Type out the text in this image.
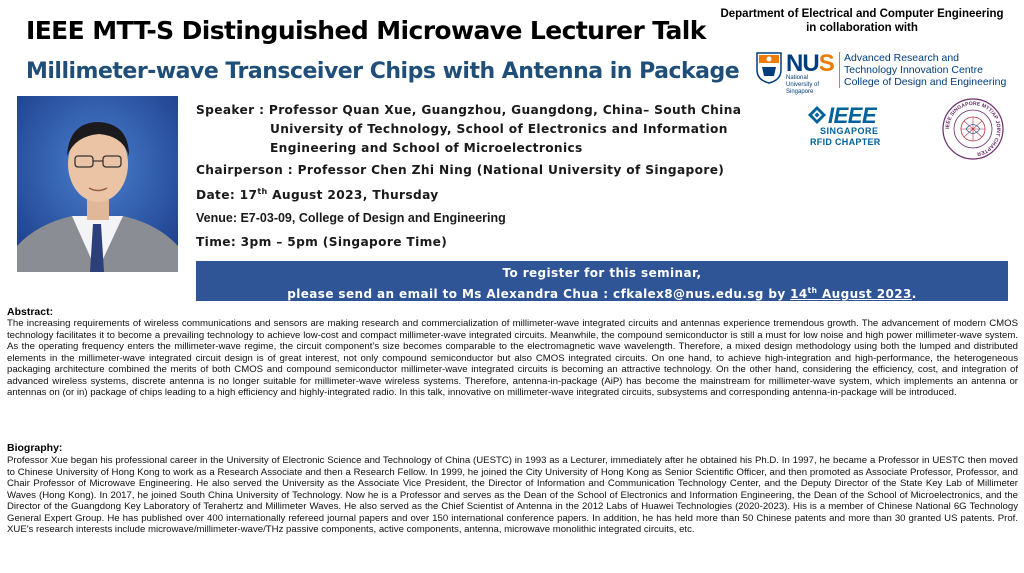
IEEE MTT-S Distinguished Microwave Lecturer Talk
Millimeter-wave Transceiver Chips with Antenna in Package
Department of Electrical and Computer Engineering
in collaboration with
NUS
National University of Singapore
Advanced Research and
Technology Innovation Centre
College of Design and Engineering
IEEE
SINGAPORE
RFID CHAPTER
IEEE SINGAPORE MTT/AP JOINT CHAPTER
Speaker : Professor Quan Xue, Guangzhou, Guangdong, China– South China
University of Technology, School of Electronics and Information
Engineering and School of Microelectronics
Chairperson : Professor Chen Zhi Ning (National University of Singapore)
Date: 17th August 2023, Thursday
Venue: E7-03-09, College of Design and Engineering
Time: 3pm – 5pm (Singapore Time)
To register for this seminar,
please send an email to Ms Alexandra Chua : cfkalex8@nus.edu.sg by 14th August 2023.
Abstract:
The increasing requirements of wireless communications and sensors are making research and commercialization of millimeter-wave integrated circuits and antennas experience tremendous growth. The advancement of modern CMOS technology facilitates it to become a prevailing technology to achieve low-cost and compact millimeter-wave integrated circuits. Meanwhile, the compound semiconductor is still a must for low noise and high power millimeter-wave system. As the operating frequency enters the millimeter-wave regime, the circuit component’s size becomes comparable to the electromagnetic wave wavelength. Therefore, a mixed design methodology using both the lumped and distributed elements in the millimeter-wave integrated circuit design is of great interest, not only compound semiconductor but also CMOS integrated circuits. On one hand, to achieve high-integration and high-performance, the heterogeneous packaging architecture combined the merits of both CMOS and compound semiconductor millimeter-wave integrated circuits is becoming an attractive technology. On the other hand, considering the efficiency, cost, and integration of advanced wireless systems, discrete antenna is no longer suitable for millimeter-wave wireless systems. Therefore, antenna-in-package (AiP) has become the mainstream for millimeter-wave system, which implements an antenna or antennas on (or in) package of chips leading to a high efficiency and highly-integrated radio. In this talk, innovative on millimeter-wave integrated circuits, subsystems and corresponding antenna-in-package will be introduced.
Biography:
Professor Xue began his professional career in the University of Electronic Science and Technology of China (UESTC) in 1993 as a Lecturer, immediately after he obtained his Ph.D. In 1997, he became a Professor in UESTC then moved to Chinese University of Hong Kong to work as a Research Associate and then a Research Fellow. In 1999, he joined the City University of Hong Kong as Senior Scientific Officer, and then promoted as Associate Professor, Professor, and Chair Professor of Microwave Engineering. He also served the University as the Associate Vice President, the Director of Information and Communication Technology Center, and the Deputy Director of the State Key Lab of Millimeter Waves (Hong Kong). In 2017, he joined South China University of Technology. Now he is a Professor and serves as the Dean of the School of Electronics and Information Engineering, the Dean of the School of Microelectronics, and the Director of the Guangdong Key Laboratory of Terahertz and Millimeter Waves. He also served as the Chief Scientist of Antenna in the 2012 Labs of Huawei Technologies (2020-2023). His is a member of Chinese National 6G Technology General Expert Group. He has published over 400 internationally refereed journal papers and over 150 international conference papers. In addition, he has held more than 50 Chinese patents and more than 30 granted US patents. Prof. XUE's research interests include microwave/millimeter-wave/THz passive components, active components, antenna, microwave monolithic integrated circuits, etc.
